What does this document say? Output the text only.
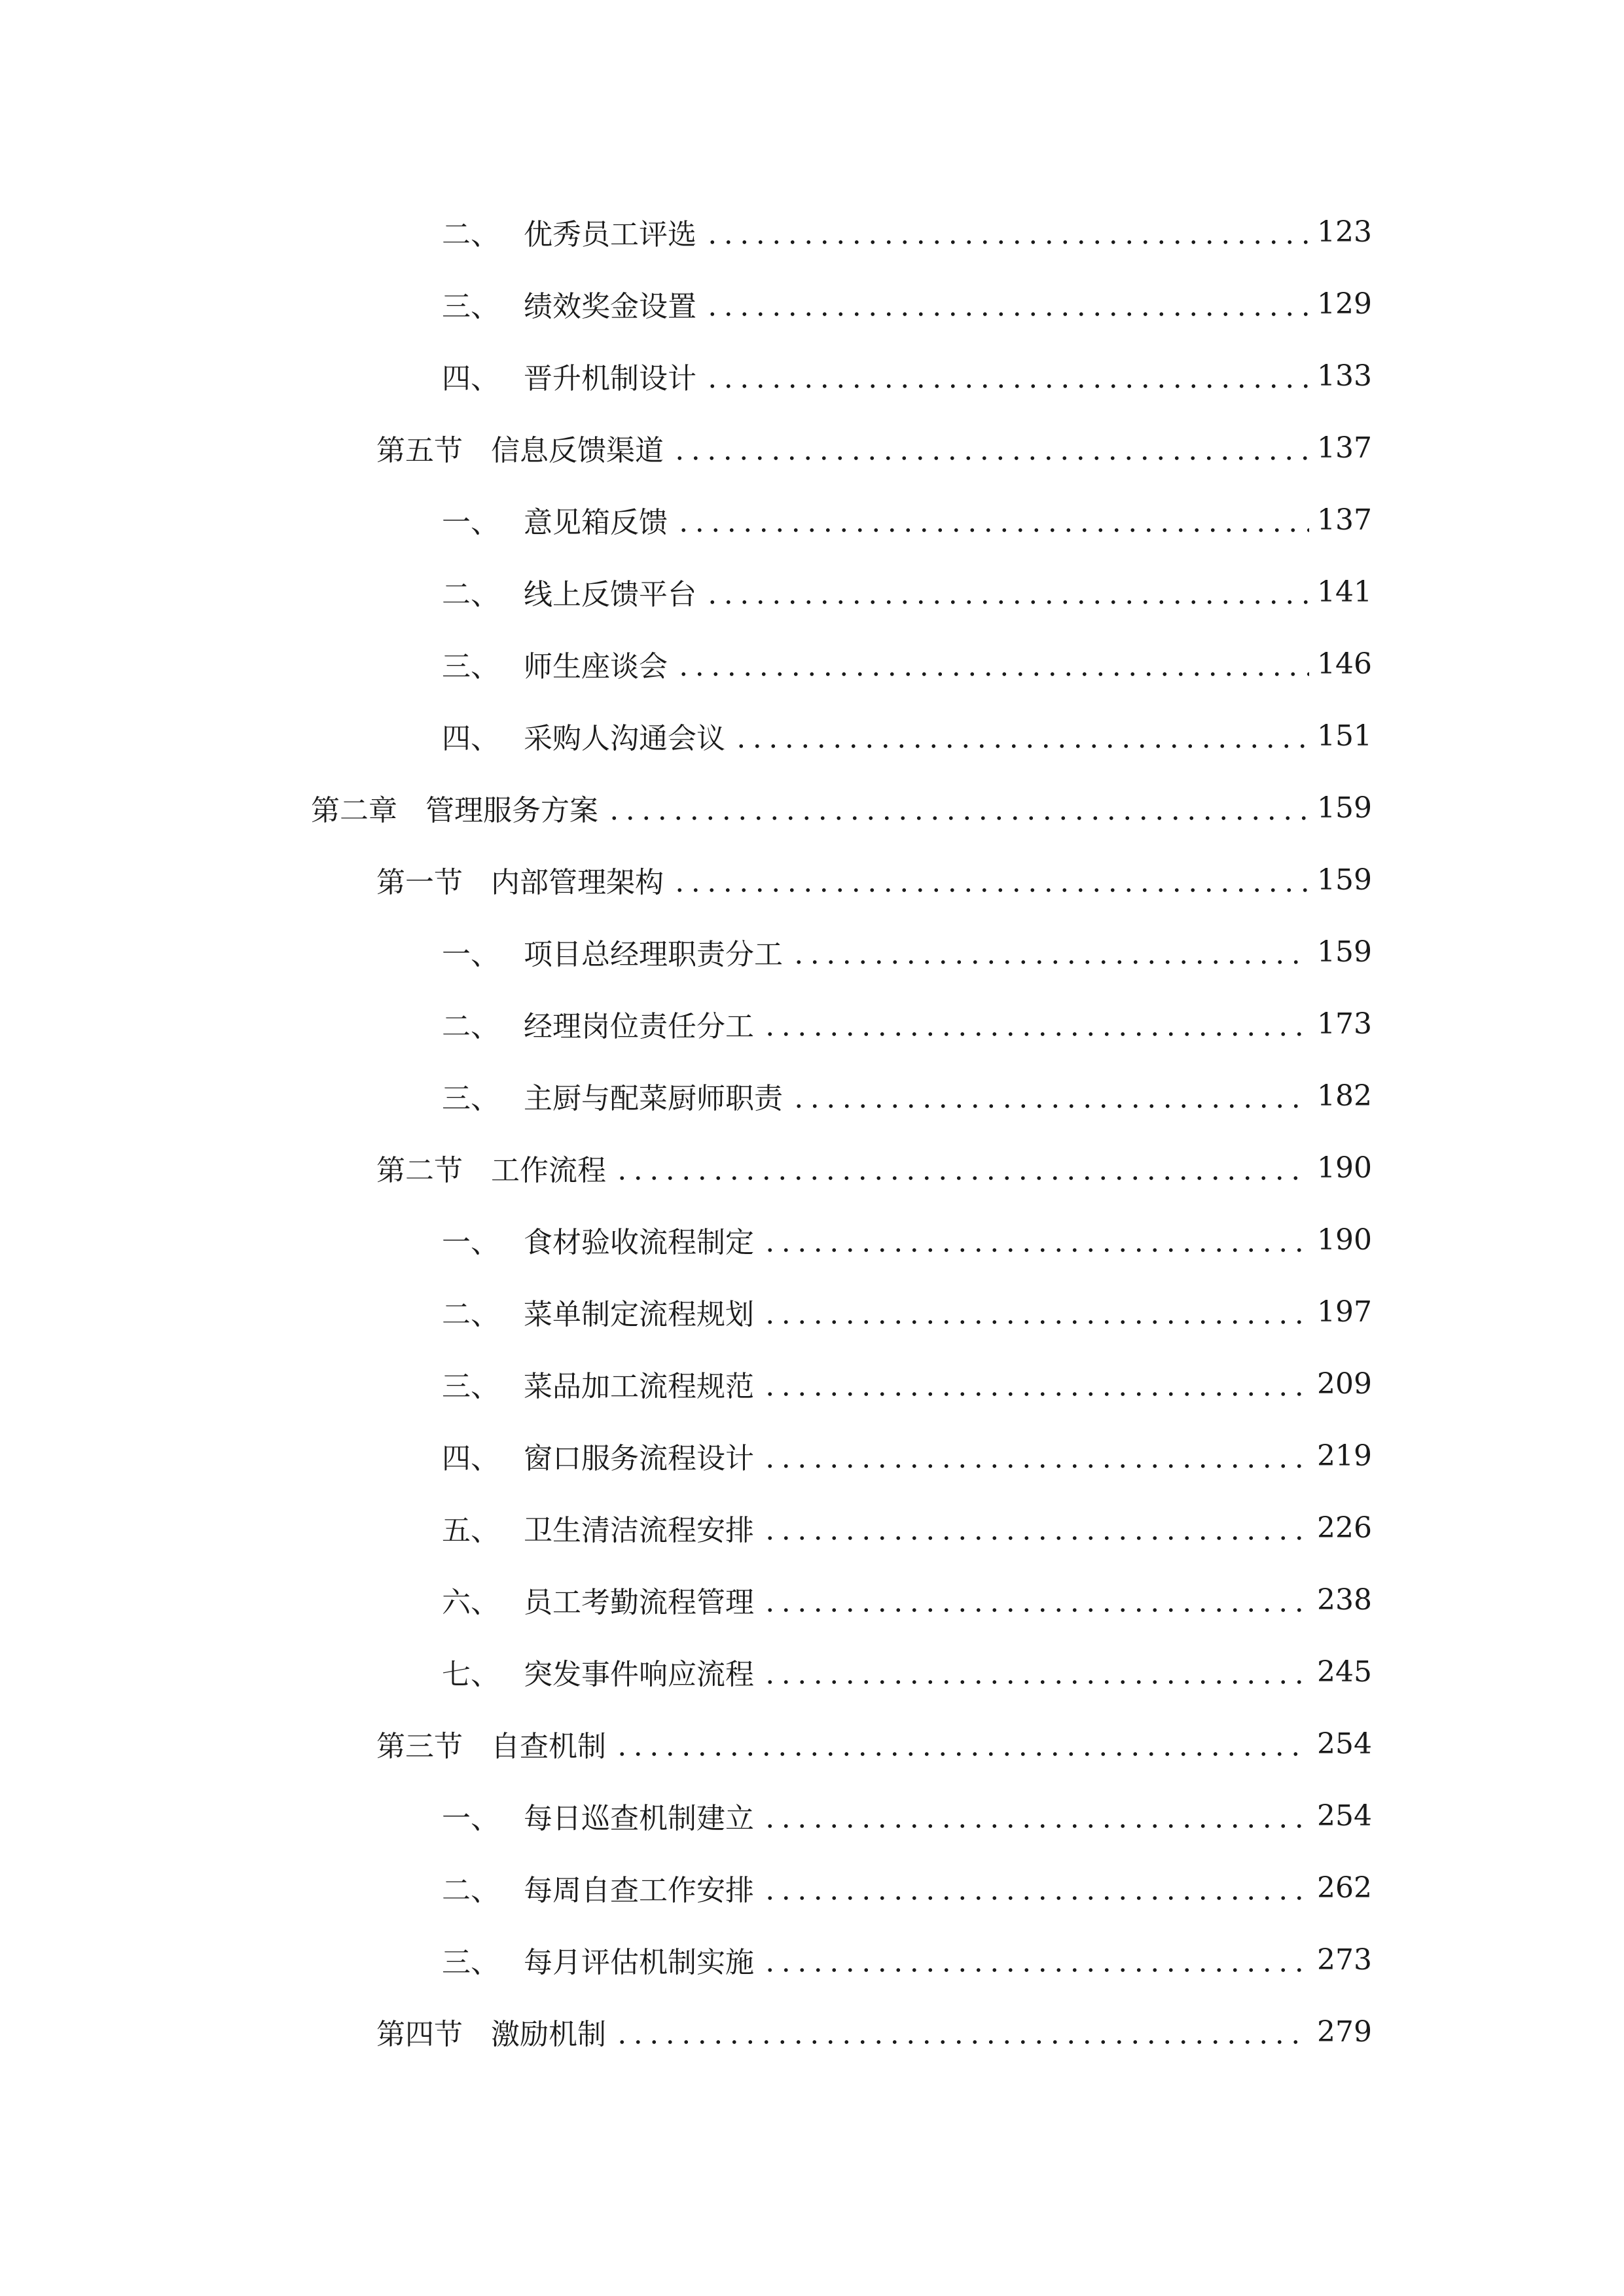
二、 优秀员工评选	123
三、 绩效奖金设置	129
四、 晋升机制设计	133
第五节 信息反馈渠道	137
一、 意见箱反馈	137
二、 线上反馈平台	141
三、 师生座谈会	146
四、 采购人沟通会议	151
第二章 管理服务方案	159
第一节 内部管理架构	159
一、 项目总经理职责分工	159
二、 经理岗位责任分工	173
三、 主厨与配菜厨师职责	182
第二节 工作流程	190
一、 食材验收流程制定	190
二、 菜单制定流程规划	197
三、 菜品加工流程规范	209
四、 窗口服务流程设计	219
五、 卫生清洁流程安排	226
六、 员工考勤流程管理	238
七、 突发事件响应流程	245
第三节 自查机制	254
一、 每日巡查机制建立	254
二、 每周自查工作安排	262
三、 每月评估机制实施	273
第四节 激励机制	279
